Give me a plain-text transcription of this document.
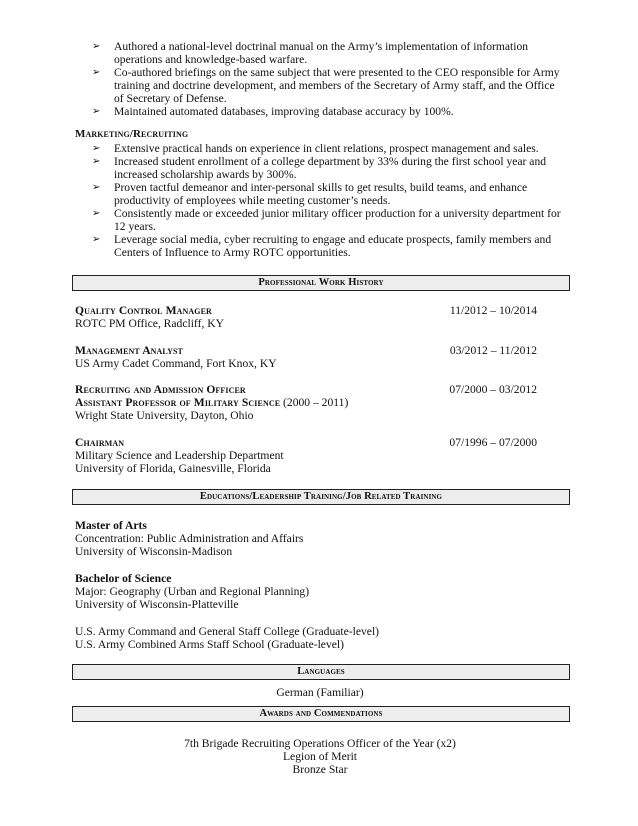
➢ Authored a national-level doctrinal manual on the Army’s implementation of information operations and knowledge-based warfare.
➢ Co-authored briefings on the same subject that were presented to the CEO responsible for Army training and doctrine development, and members of the Secretary of Army staff, and the Office of Secretary of Defense.
➢ Maintained automated databases, improving database accuracy by 100%.
Marketing/Recruiting
➢ Extensive practical hands on experience in client relations, prospect management and sales.
➢ Increased student enrollment of a college department by 33% during the first school year and increased scholarship awards by 300%.
➢ Proven tactful demeanor and inter-personal skills to get results, build teams, and enhance productivity of employees while meeting customer’s needs.
➢ Consistently made or exceeded junior military officer production for a university department for 12 years.
➢ Leverage social media, cyber recruiting to engage and educate prospects, family members and Centers of Influence to Army ROTC opportunities.
Professional Work History
Quality Control Manager
ROTC PM Office, Radcliff, KY
11/2012 – 10/2014
Management Analyst
US Army Cadet Command, Fort Knox, KY
03/2012 – 11/2012
Recruiting and Admission Officer
Assistant Professor of Military Science (2000 – 2011)
Wright State University, Dayton, Ohio
07/2000 – 03/2012
Chairman
Military Science and Leadership Department
University of Florida, Gainesville, Florida
07/1996 – 07/2000
Educations/Leadership Training/Job Related Training
Master of Arts
Concentration: Public Administration and Affairs
University of Wisconsin-Madison
Bachelor of Science
Major: Geography (Urban and Regional Planning)
University of Wisconsin-Platteville
U.S. Army Command and General Staff College (Graduate-level)
U.S. Army Combined Arms Staff School (Graduate-level)
Languages
German (Familiar)
Awards and Commendations
7th Brigade Recruiting Operations Officer of the Year (x2)
Legion of Merit
Bronze Star
